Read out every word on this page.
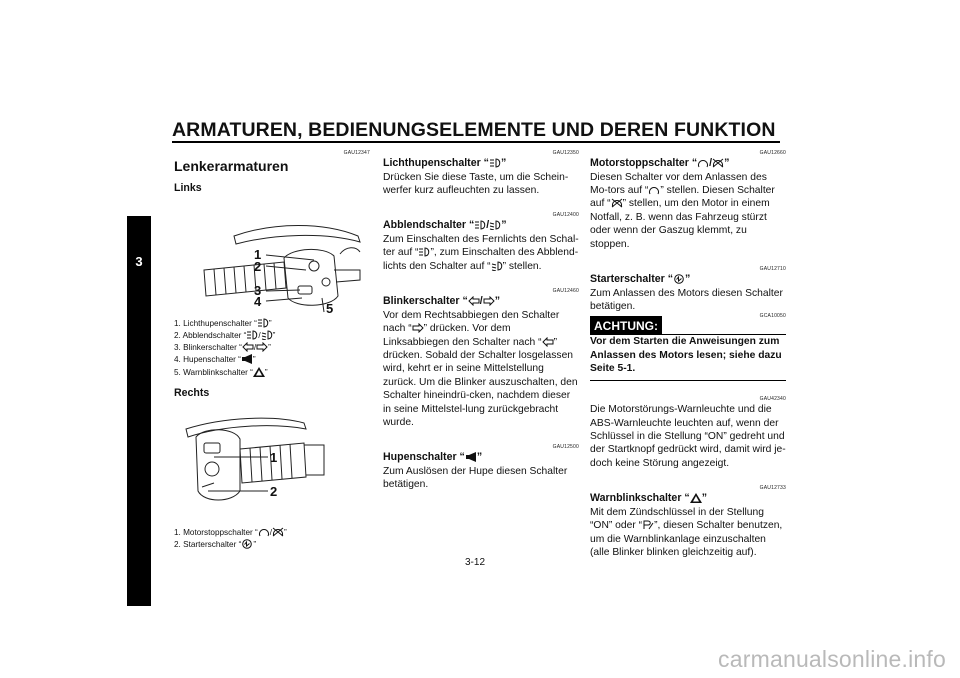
ARMATUREN, BEDIENUNGSELEMENTE UND DEREN FUNKTION
3
GAU12347
Lenkerarmaturen
Links
1
2
3
4	5
1. Lichthupenschalter “ ”
2. Abblendschalter “ / ”
3. Blinkerschalter “ / ”
4. Hupenschalter “ ”
5. Warnblinkschalter “ ”
Rechts
1
2
1. Motorstoppschalter “ / ”
2. Starterschalter “ ”
GAU12350
Lichthupenschalter “ ”
Drücken Sie diese Taste, um die Schein-werfer kurz aufleuchten zu lassen.
GAU12400
Abblendschalter “ / ”
Zum Einschalten des Fernlichts den Schal-ter auf “ ”, zum Einschalten des Abblend-lichts den Schalter auf “ ” stellen.
GAU12460
Blinkerschalter “ / ”
Vor dem Rechtsabbiegen den Schalter nach “ ” drücken. Vor dem Linksabbiegen den Schalter nach “ ” drücken. Sobald der Schalter losgelassen wird, kehrt er in seine Mittelstellung zurück. Um die Blinker auszuschalten, den Schalter hineindrü-cken, nachdem dieser in seine Mittelstel-lung zurückgebracht wurde.
GAU12500
Hupenschalter “ ”
Zum Auslösen der Hupe diesen Schalter betätigen.
GAU12660
Motorstoppschalter “ / ”
Diesen Schalter vor dem Anlassen des Mo-tors auf “ ” stellen. Diesen Schalter auf “ ” stellen, um den Motor in einem Notfall, z. B. wenn das Fahrzeug stürzt oder wenn der Gaszug klemmt, zu stoppen.
GAU12710
Starterschalter “ ”
Zum Anlassen des Motors diesen Schalter betätigen.
ACHTUNG:
GCA10050
Vor dem Starten die Anweisungen zum Anlassen des Motors lesen; siehe dazu Seite 5-1.
GAU42340
Die Motorstörungs-Warnleuchte und die ABS-Warnleuchte leuchten auf, wenn der Schlüssel in die Stellung “ON” gedreht und der Startknopf gedrückt wird, damit wird je-doch keine Störung angezeigt.
GAU12733
Warnblinkschalter “ ”
Mit dem Zündschlüssel in der Stellung “ON” oder “ ”, diesen Schalter benutzen, um die Warnblinkanlage einzuschalten (alle Blinker blinken gleichzeitig auf).
3-12
carmanualsonline.info
